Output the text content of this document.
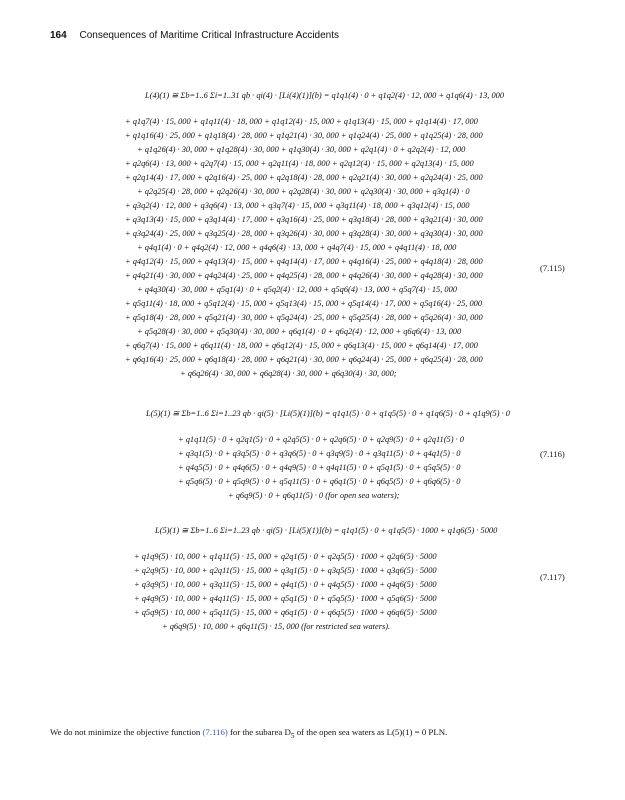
164 Consequences of Maritime Critical Infrastructure Accidents
L(4)(1) ≅ Σb=1..6 Σi=1..31 qb · qi(4) · [Li(4)(1)](b) = q1q1(4) · 0 + q1q2(4) · 12, 000 + q1q6(4) · 13, 000
+ q1q7(4) · 15, 000 + q1q11(4) · 18, 000 + q1q12(4) · 15, 000 + q1q13(4) · 15, 000 + q1q14(4) · 17, 000
+ q1q16(4) · 25, 000 + q1q18(4) · 28, 000 + q1q21(4) · 30, 000 + q1q24(4) · 25, 000 + q1q25(4) · 28, 000
+ q1q26(4) · 30, 000 + q1q28(4) · 30, 000 + q1q30(4) · 30, 000 + q2q1(4) · 0 + q2q2(4) · 12, 000
+ q2q6(4) · 13, 000 + q2q7(4) · 15, 000 + q2q11(4) · 18, 000 + q2q12(4) · 15, 000 + q2q13(4) · 15, 000
+ q2q14(4) · 17, 000 + q2q16(4) · 25, 000 + q2q18(4) · 28, 000 + q2q21(4) · 30, 000 + q2q24(4) · 25, 000
+ q2q25(4) · 28, 000 + q2q26(4) · 30, 000 + q2q28(4) · 30, 000 + q2q30(4) · 30, 000 + q3q1(4) · 0
+ q3q2(4) · 12, 000 + q3q6(4) · 13, 000 + q3q7(4) · 15, 000 + q3q11(4) · 18, 000 + q3q12(4) · 15, 000
+ q3q13(4) · 15, 000 + q3q14(4) · 17, 000 + q3q16(4) · 25, 000 + q3q18(4) · 28, 000 + q3q21(4) · 30, 000
+ q3q24(4) · 25, 000 + q3q25(4) · 28, 000 + q3q26(4) · 30, 000 + q3q28(4) · 30, 000 + q3q30(4) · 30, 000
+ q4q1(4) · 0 + q4q2(4) · 12, 000 + q4q6(4) · 13, 000 + q4q7(4) · 15, 000 + q4q11(4) · 18, 000
+ q4q12(4) · 15, 000 + q4q13(4) · 15, 000 + q4q14(4) · 17, 000 + q4q16(4) · 25, 000 + q4q18(4) · 28, 000
+ q4q21(4) · 30, 000 + q4q24(4) · 25, 000 + q4q25(4) · 28, 000 + q4q26(4) · 30, 000 + q4q28(4) · 30, 000
+ q4q30(4) · 30, 000 + q5q1(4) · 0 + q5q2(4) · 12, 000 + q5q6(4) · 13, 000 + q5q7(4) · 15, 000
+ q5q11(4) · 18, 000 + q5q12(4) · 15, 000 + q5q13(4) · 15, 000 + q5q14(4) · 17, 000 + q5q16(4) · 25, 000
+ q5q18(4) · 28, 000 + q5q21(4) · 30, 000 + q5q24(4) · 25, 000 + q5q25(4) · 28, 000 + q5q26(4) · 30, 000
+ q5q28(4) · 30, 000 + q5q30(4) · 30, 000 + q6q1(4) · 0 + q6q2(4) · 12, 000 + q6q6(4) · 13, 000
+ q6q7(4) · 15, 000 + q6q11(4) · 18, 000 + q6q12(4) · 15, 000 + q6q13(4) · 15, 000 + q6q14(4) · 17, 000
+ q6q16(4) · 25, 000 + q6q18(4) · 28, 000 + q6q21(4) · 30, 000 + q6q24(4) · 25, 000 + q6q25(4) · 28, 000
+ q6q26(4) · 30, 000 + q6q28(4) · 30, 000 + q6q30(4) · 30, 000;
(7.115)
L(5)(1) ≅ Σb=1..6 Σi=1..23 qb · qi(5) · [Li(5)(1)](b) = q1q1(5) · 0 + q1q5(5) · 0 + q1q6(5) · 0 + q1q9(5) · 0
+ q1q11(5) · 0 + q2q1(5) · 0 + q2q5(5) · 0 + q2q6(5) · 0 + q2q9(5) · 0 + q2q11(5) · 0
+ q3q1(5) · 0 + q3q5(5) · 0 + q3q6(5) · 0 + q3q9(5) · 0 + q3q11(5) · 0 + q4q1(5) · 0
+ q4q5(5) · 0 + q4q6(5) · 0 + q4q9(5) · 0 + q4q11(5) · 0 + q5q1(5) · 0 + q5q5(5) · 0
+ q5q6(5) · 0 + q5q9(5) · 0 + q5q11(5) · 0 + q6q1(5) · 0 + q6q5(5) · 0 + q6q6(5) · 0
+ q6q9(5) · 0 + q6q11(5) · 0 (for open sea waters);
(7.116)
L(5)(1) ≅ Σb=1..6 Σi=1..23 qb · qi(5) · [Li(5)(1)](b) = q1q1(5) · 0 + q1q5(5) · 1000 + q1q6(5) · 5000
+ q1q9(5) · 10, 000 + q1q11(5) · 15, 000 + q2q1(5) · 0 + q2q5(5) · 1000 + q2q6(5) · 5000
+ q2q9(5) · 10, 000 + q2q11(5) · 15, 000 + q3q1(5) · 0 + q3q5(5) · 1000 + q3q6(5) · 5000
+ q3q9(5) · 10, 000 + q3q11(5) · 15, 000 + q4q1(5) · 0 + q4q5(5) · 1000 + q4q6(5) · 5000
+ q4q9(5) · 10, 000 + q4q11(5) · 15, 000 + q5q1(5) · 0 + q5q5(5) · 1000 + q5q6(5) · 5000
+ q5q9(5) · 10, 000 + q5q11(5) · 15, 000 + q6q1(5) · 0 + q6q5(5) · 1000 + q6q6(5) · 5000
+ q6q9(5) · 10, 000 + q6q11(5) · 15, 000 (for restricted sea waters).
(7.117)
We do not minimize the objective function (7.116) for the subarea $D_5$ of the open sea waters as L(5)(1) = 0 PLN.
